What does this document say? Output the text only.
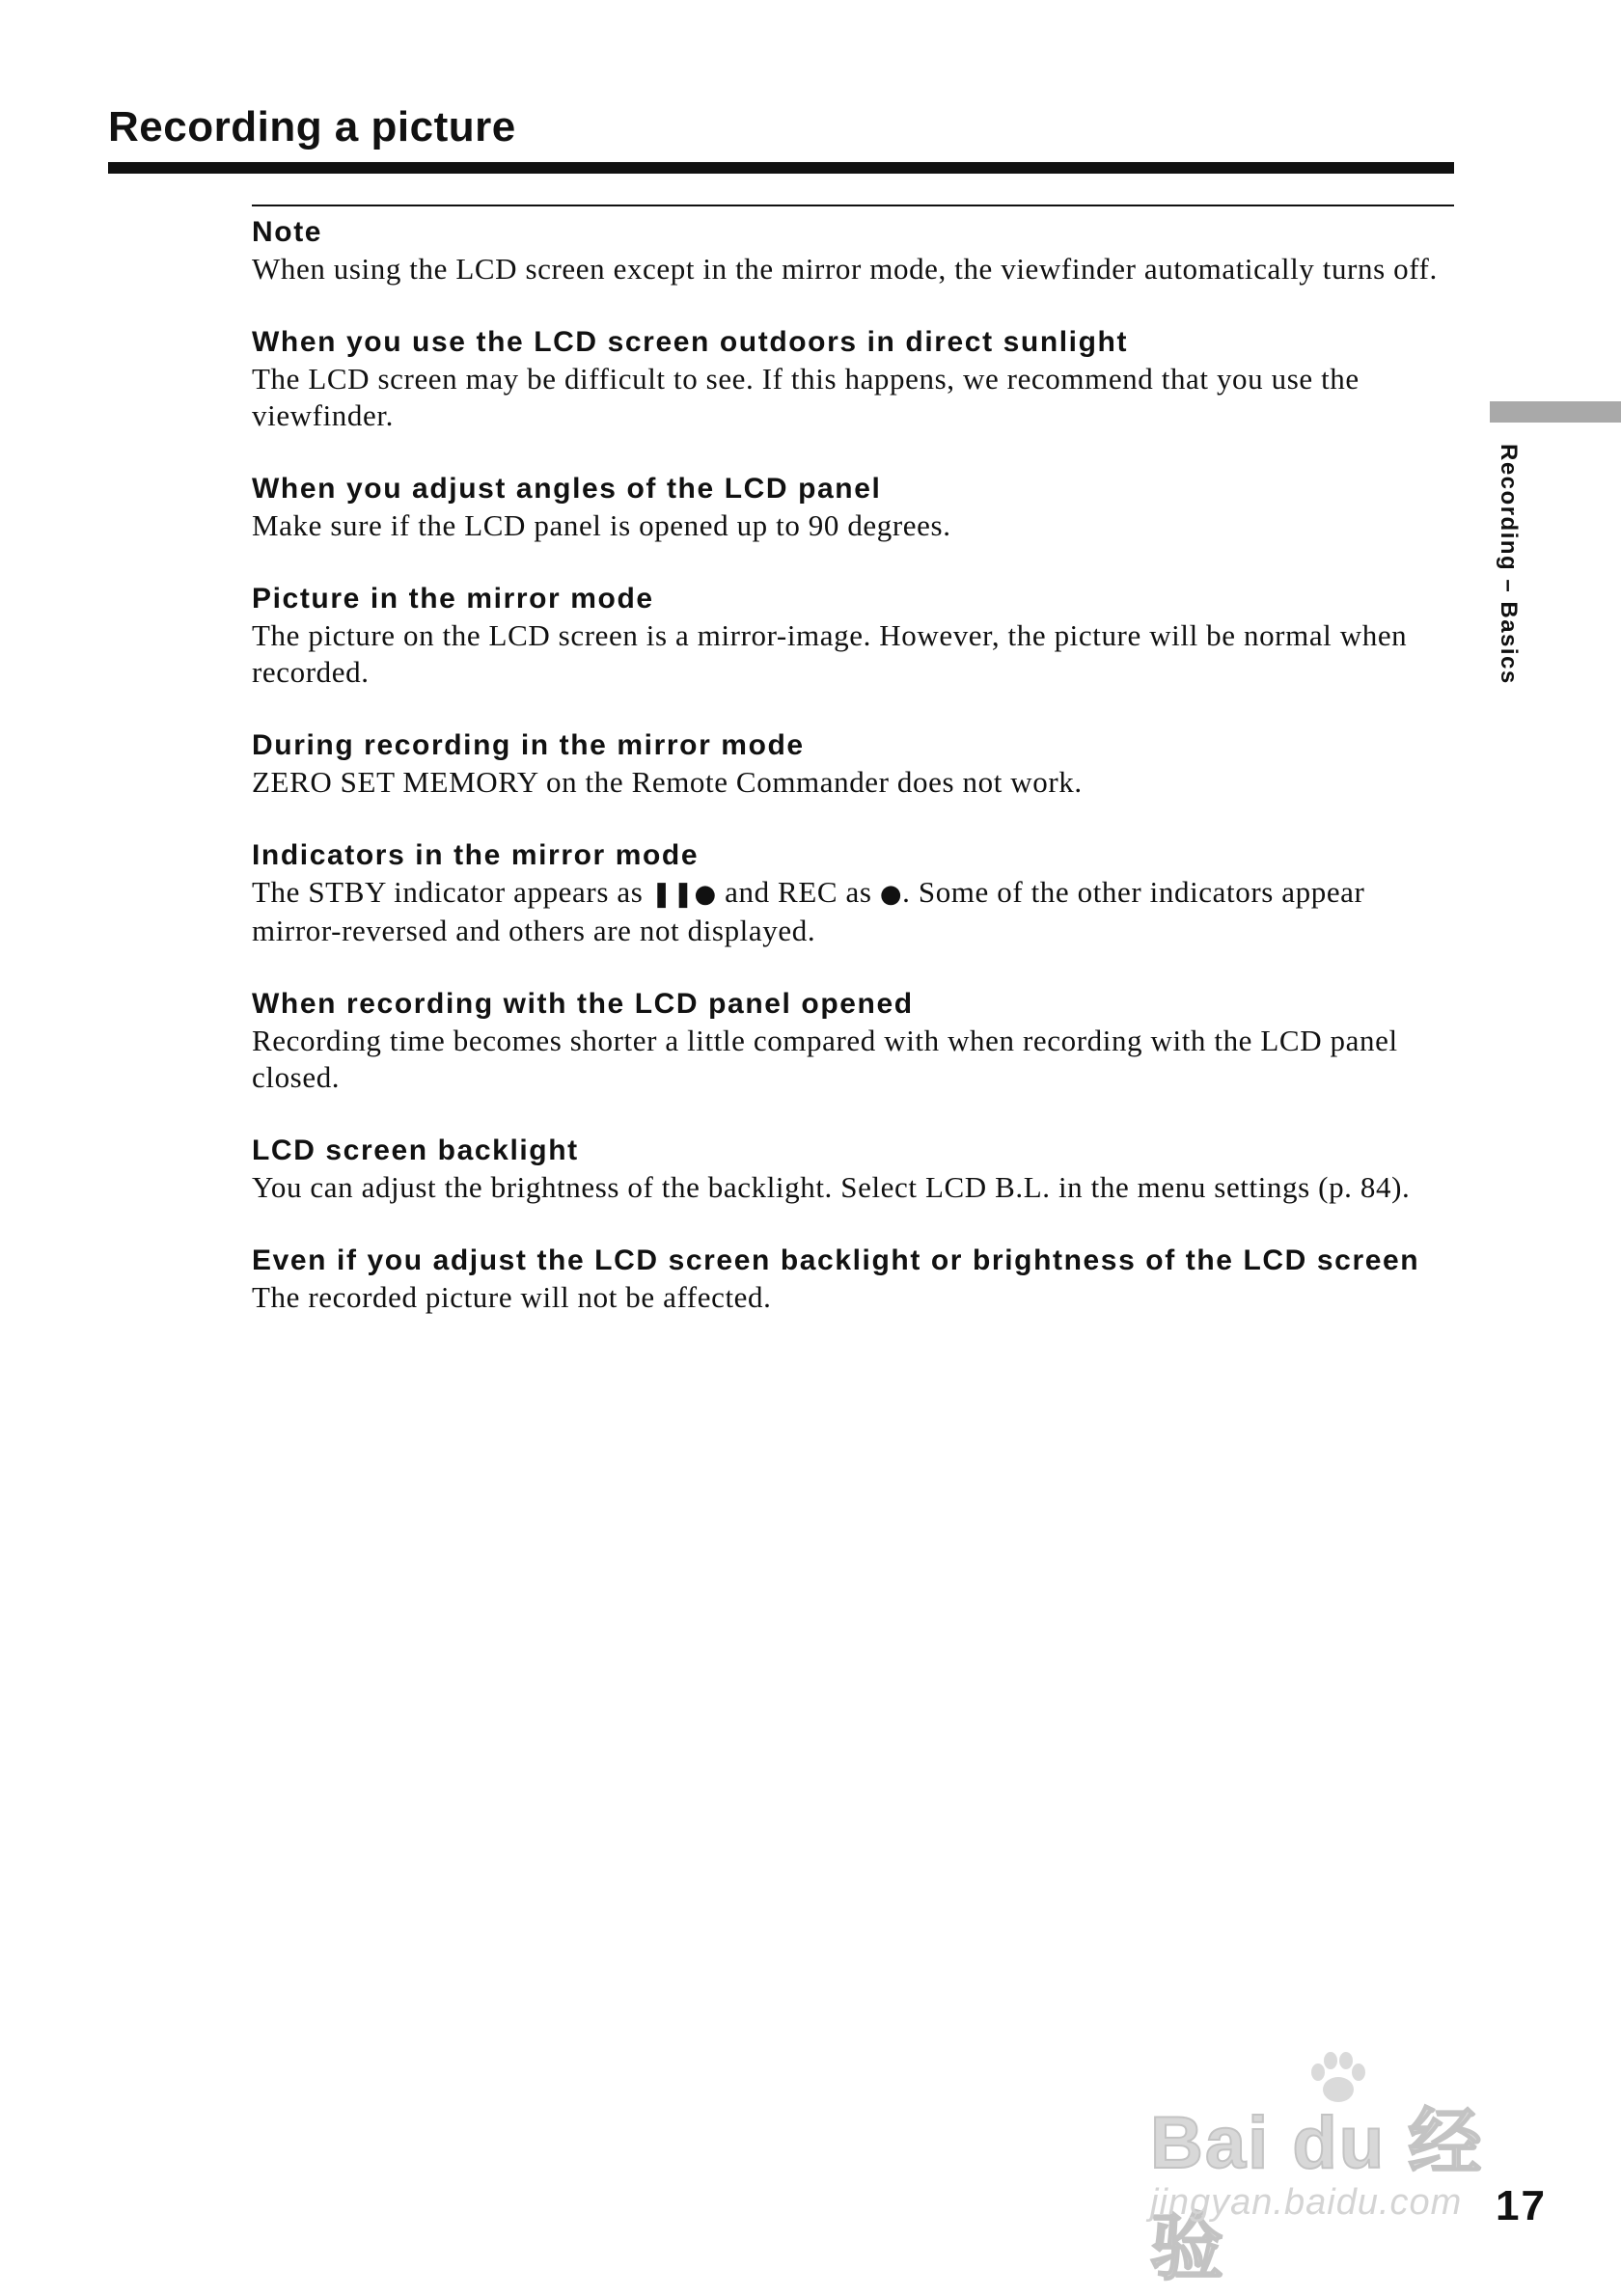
Recording a picture

Note

When using the LCD screen except in the mirror mode, the viewfinder automatically turns off.

When you use the LCD screen outdoors in direct sunlight

The LCD screen may be difficult to see. If this happens, we recommend that you use the viewfinder.

When you adjust angles of the LCD panel

Make sure if the LCD panel is opened up to 90 degrees.

Picture in the mirror mode

The picture on the LCD screen is a mirror-image. However, the picture will be normal when recorded.

During recording in the mirror mode

ZERO SET MEMORY on the Remote Commander does not work.

Indicators in the mirror mode

The STBY indicator appears as ❚❚● and REC as ●. Some of the other indicators appear mirror-reversed and others are not displayed.

When recording with the LCD panel opened

Recording time becomes shorter a little compared with when recording with the LCD panel closed.

LCD screen backlight

You can adjust the brightness of the backlight. Select LCD B.L. in the menu settings (p. 84).

Even if you adjust the LCD screen backlight or brightness of the LCD screen

The recorded picture will not be affected.

Recording – Basics
Bai du 经验
jingyan.baidu.com 17
